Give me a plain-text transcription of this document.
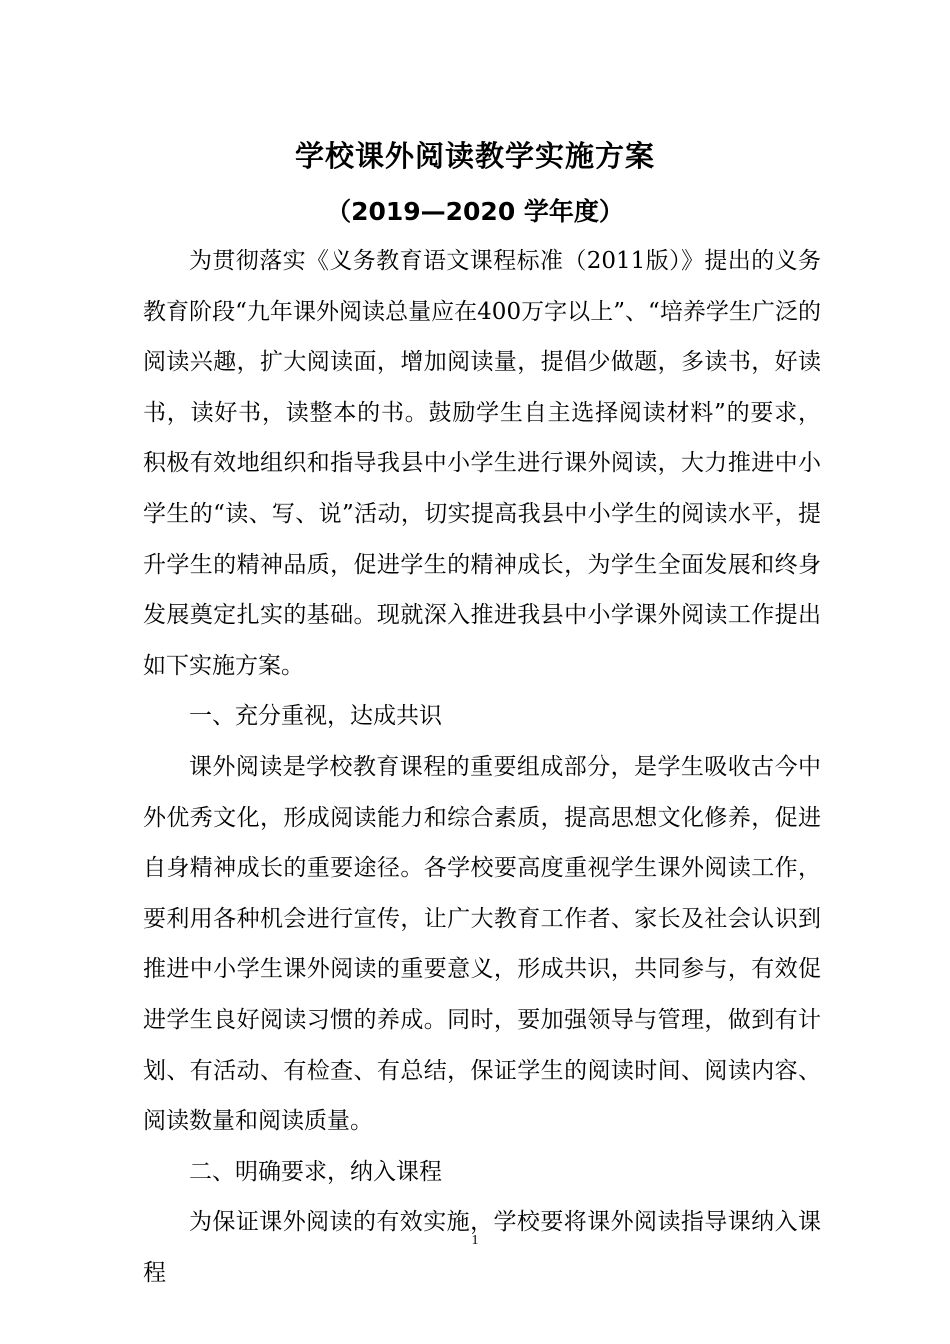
学校课外阅读教学实施方案
（2019—2020 学年度）

为贯彻落实《义务教育语文课程标准（2011版）》提出的义务教育阶段“九年课外阅读总量应在400万字以上”、“培养学生广泛的阅读兴趣，扩大阅读面，增加阅读量，提倡少做题，多读书，好读书，读好书，读整本的书。鼓励学生自主选择阅读材料”的要求，积极有效地组织和指导我县中小学生进行课外阅读，大力推进中小学生的“读、写、说”活动，切实提高我县中小学生的阅读水平，提升学生的精神品质，促进学生的精神成长，为学生全面发展和终身发展奠定扎实的基础。现就深入推进我县中小学课外阅读工作提出如下实施方案。

一、充分重视，达成共识

课外阅读是学校教育课程的重要组成部分，是学生吸收古今中外优秀文化，形成阅读能力和综合素质，提高思想文化修养，促进自身精神成长的重要途径。各学校要高度重视学生课外阅读工作，要利用各种机会进行宣传，让广大教育工作者、家长及社会认识到推进中小学生课外阅读的重要意义，形成共识，共同参与，有效促进学生良好阅读习惯的养成。同时，要加强领导与管理，做到有计划、有活动、有检查、有总结，保证学生的阅读时间、阅读内容、阅读数量和阅读质量。

二、明确要求，纳入课程

为保证课外阅读的有效实施，学校要将课外阅读指导课纳入课程

1
